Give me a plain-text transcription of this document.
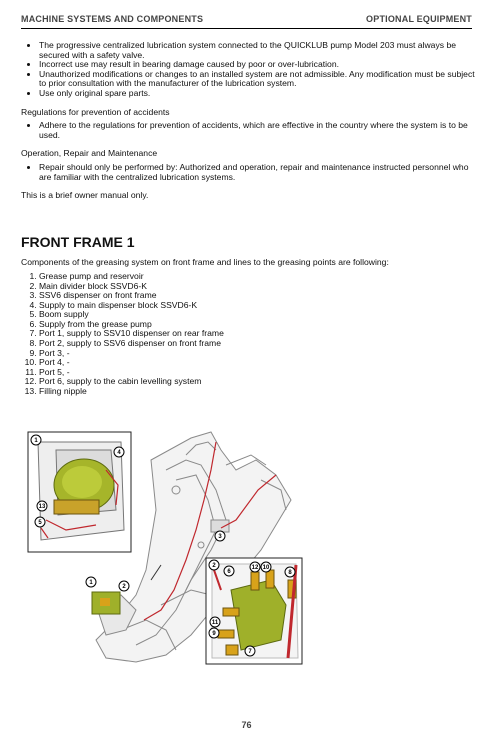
MACHINE SYSTEMS AND COMPONENTS	OPTIONAL EQUIPMENT
• The progressive centralized lubrication system connected to the QUICKLUB pump Model 203 must always be secured with a safety valve.
• Incorrect use may result in bearing damage caused by poor or over-lubrication.
• Unauthorized modifications or changes to an installed system are not admissible. Any modification must be subject to prior consultation with the manufacturer of the lubrication system.
• Use only original spare parts.

Regulations for prevention of accidents

• Adhere to the regulations for prevention of accidents, which are effective in the country where the system is to be used.

Operation, Repair and Maintenance

• Repair should only be performed by: Authorized and operation, repair and maintenance instructed personnel who are familiar with the centralized lubrication systems.

This is a brief owner manual only.

FRONT FRAME 1

Components of the greasing system on front frame and lines to the greasing points are following:

1. Grease pump and reservoir
2. Main divider block SSVD6-K
3. SSV6 dispenser on front frame
4. Supply to main dispenser block SSVD6-K
5. Boom supply
6. Supply from the grease pump
7. Port 1, supply to SSV10 dispenser on rear frame
8. Port 2, supply to SSV6 dispenser on front frame
9. Port 3, -
10. Port 4, -
11. Port 5, -
12. Port 6, supply to the cabin levelling system
13. Filling nipple
1
4
13
5
3
1
2
2
6
12 10
8
11
9
7
76
